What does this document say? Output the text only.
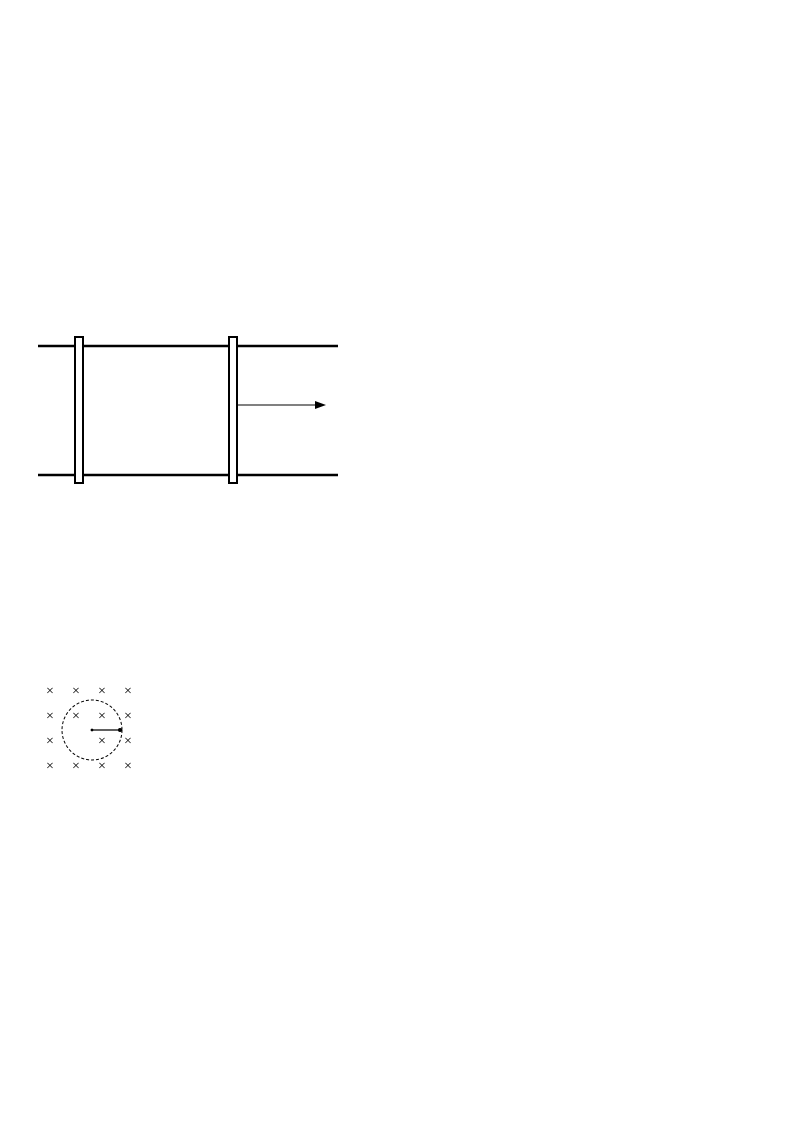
× × × ×
× × × ×
×	× ×
× × × ×
